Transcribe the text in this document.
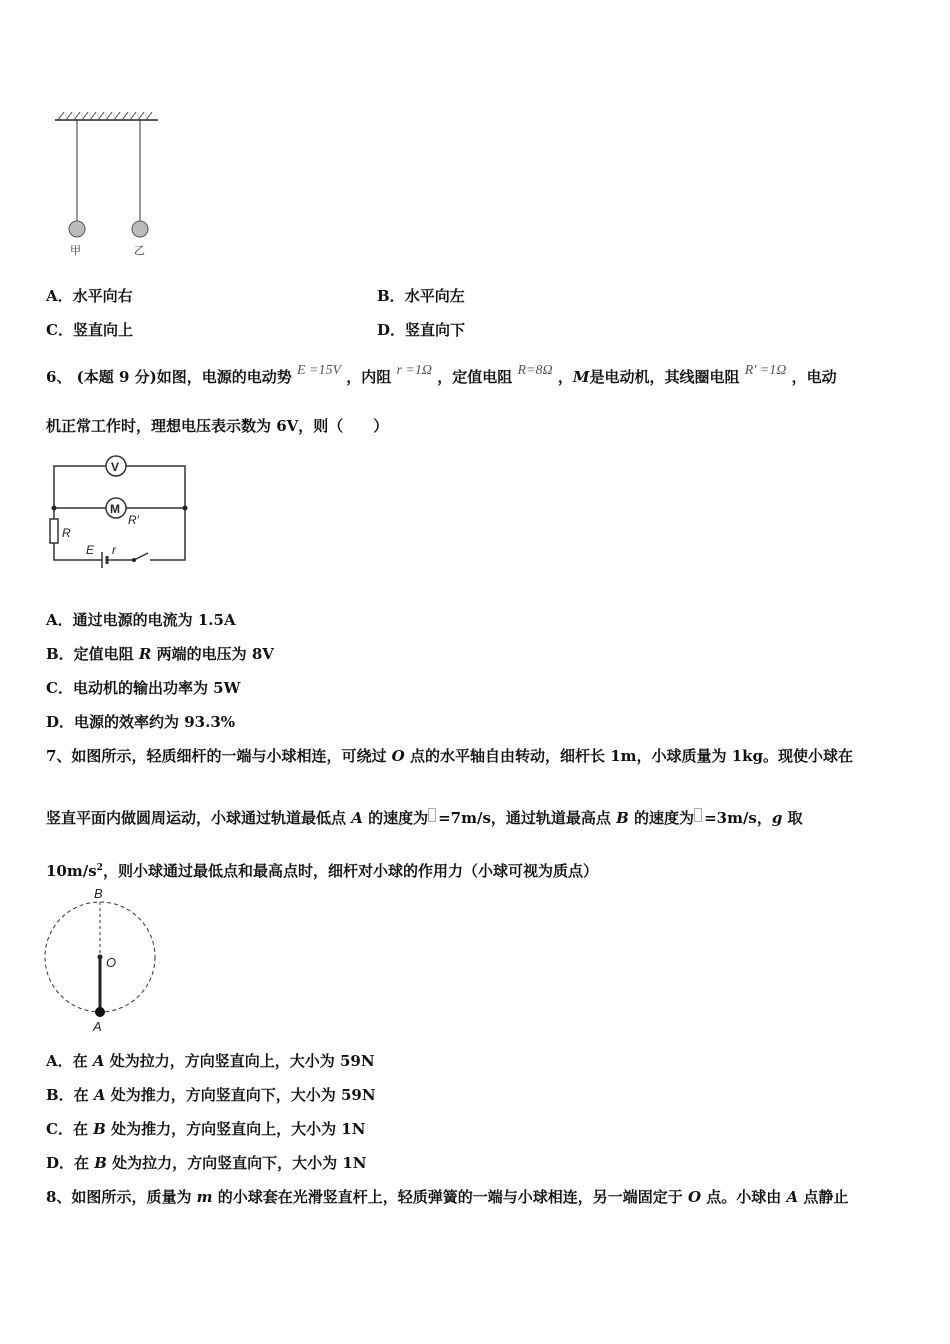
甲	乙
A．水平向右	B．水平向左
C．竖直向上	D．竖直向下
6、 (本题 9 分)如图，电源的电动势 E =15V ，内阻 r =1Ω ，定值电阻 R=8Ω ，M是电动机，其线圈电阻 R' =1Ω ，电动
机正常工作时，理想电压表示数为 6V，则（　　）
V
M
R′
R
E r
A．通过电源的电流为 1.5A
B．定值电阻 R 两端的电压为 8V
C．电动机的输出功率为 5W
D．电源的效率约为 93.3%
7、如图所示，轻质细杆的一端与小球相连，可绕过 O 点的水平轴自由转动，细杆长 1m，小球质量为 1kg。现使小球在
竖直平面内做圆周运动，小球通过轨道最低点 A 的速度为 =7m/s，通过轨道最高点 B 的速度为 =3m/s，g 取
$10m/s^2$，则小球通过最低点和最高点时，细杆对小球的作用力（小球可视为质点）
B
O
A
A．在 A 处为拉力，方向竖直向上，大小为 59N
B．在 A 处为推力，方向竖直向下，大小为 59N
C．在 B 处为推力，方向竖直向上，大小为 1N
D．在 B 处为拉力，方向竖直向下，大小为 1N
8、如图所示，质量为 m 的小球套在光滑竖直杆上，轻质弹簧的一端与小球相连，另一端固定于 O 点。小球由 A 点静止
